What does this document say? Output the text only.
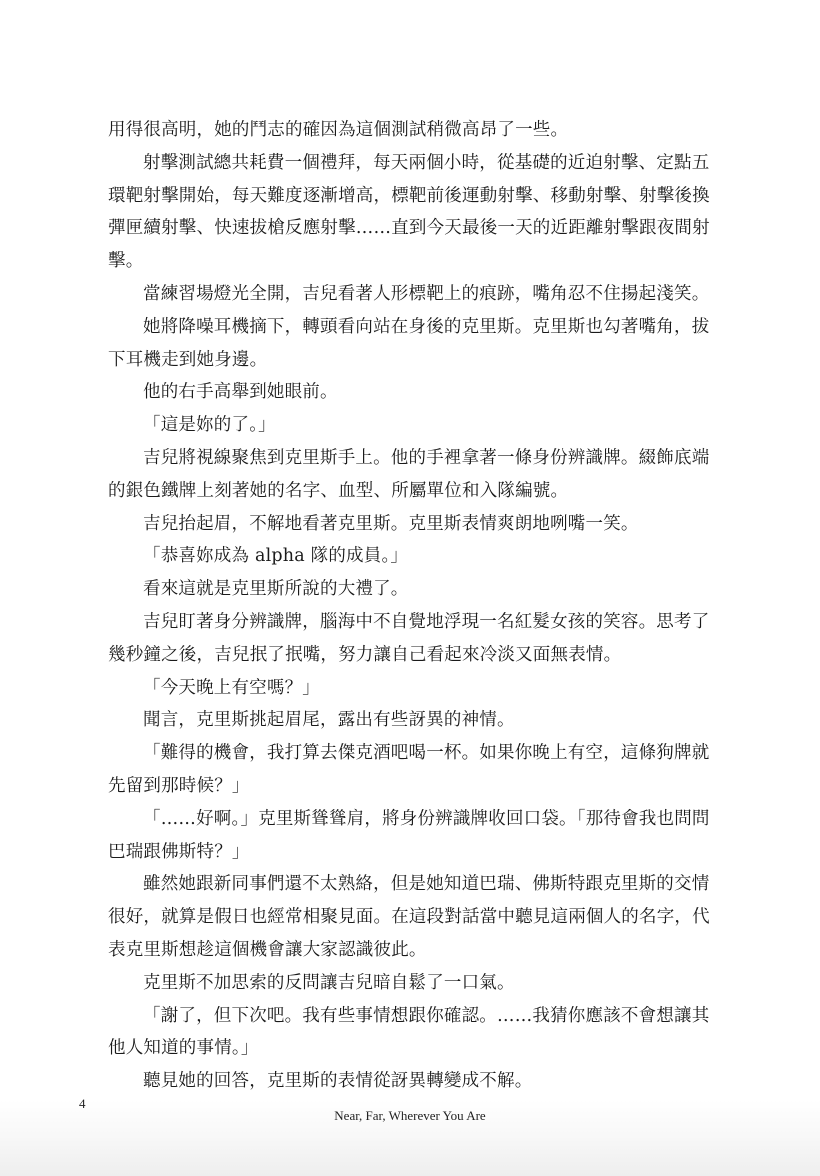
用得很高明，她的鬥志的確因為這個測試稍微高昂了一些。

射擊測試總共耗費一個禮拜，每天兩個小時，從基礎的近迫射擊、定點五環靶射擊開始，每天難度逐漸增高，標靶前後運動射擊、移動射擊、射擊後換彈匣續射擊、快速拔槍反應射擊……直到今天最後一天的近距離射擊跟夜間射擊。

當練習場燈光全開，吉兒看著人形標靶上的痕跡，嘴角忍不住揚起淺笑。

她將降噪耳機摘下，轉頭看向站在身後的克里斯。克里斯也勾著嘴角，拔下耳機走到她身邊。

他的右手高舉到她眼前。

「這是妳的了。」

吉兒將視線聚焦到克里斯手上。他的手裡拿著一條身份辨識牌。綴飾底端的銀色鐵牌上刻著她的名字、血型、所屬單位和入隊編號。

吉兒抬起眉，不解地看著克里斯。克里斯表情爽朗地咧嘴一笑。

「恭喜妳成為 alpha 隊的成員。」

看來這就是克里斯所說的大禮了。

吉兒盯著身分辨識牌，腦海中不自覺地浮現一名紅髮女孩的笑容。思考了幾秒鐘之後，吉兒抿了抿嘴，努力讓自己看起來冷淡又面無表情。

「今天晚上有空嗎？」

聞言，克里斯挑起眉尾，露出有些訝異的神情。

「難得的機會，我打算去傑克酒吧喝一杯。如果你晚上有空，這條狗牌就先留到那時候？」

「……好啊。」克里斯聳聳肩，將身份辨識牌收回口袋。「那待會我也問問巴瑞跟佛斯特？」

雖然她跟新同事們還不太熟絡，但是她知道巴瑞、佛斯特跟克里斯的交情很好，就算是假日也經常相聚見面。在這段對話當中聽見這兩個人的名字，代表克里斯想趁這個機會讓大家認識彼此。

克里斯不加思索的反問讓吉兒暗自鬆了一口氣。

「謝了，但下次吧。我有些事情想跟你確認。……我猜你應該不會想讓其他人知道的事情。」

聽見她的回答，克里斯的表情從訝異轉變成不解。

4
Near, Far, Wherever You Are
